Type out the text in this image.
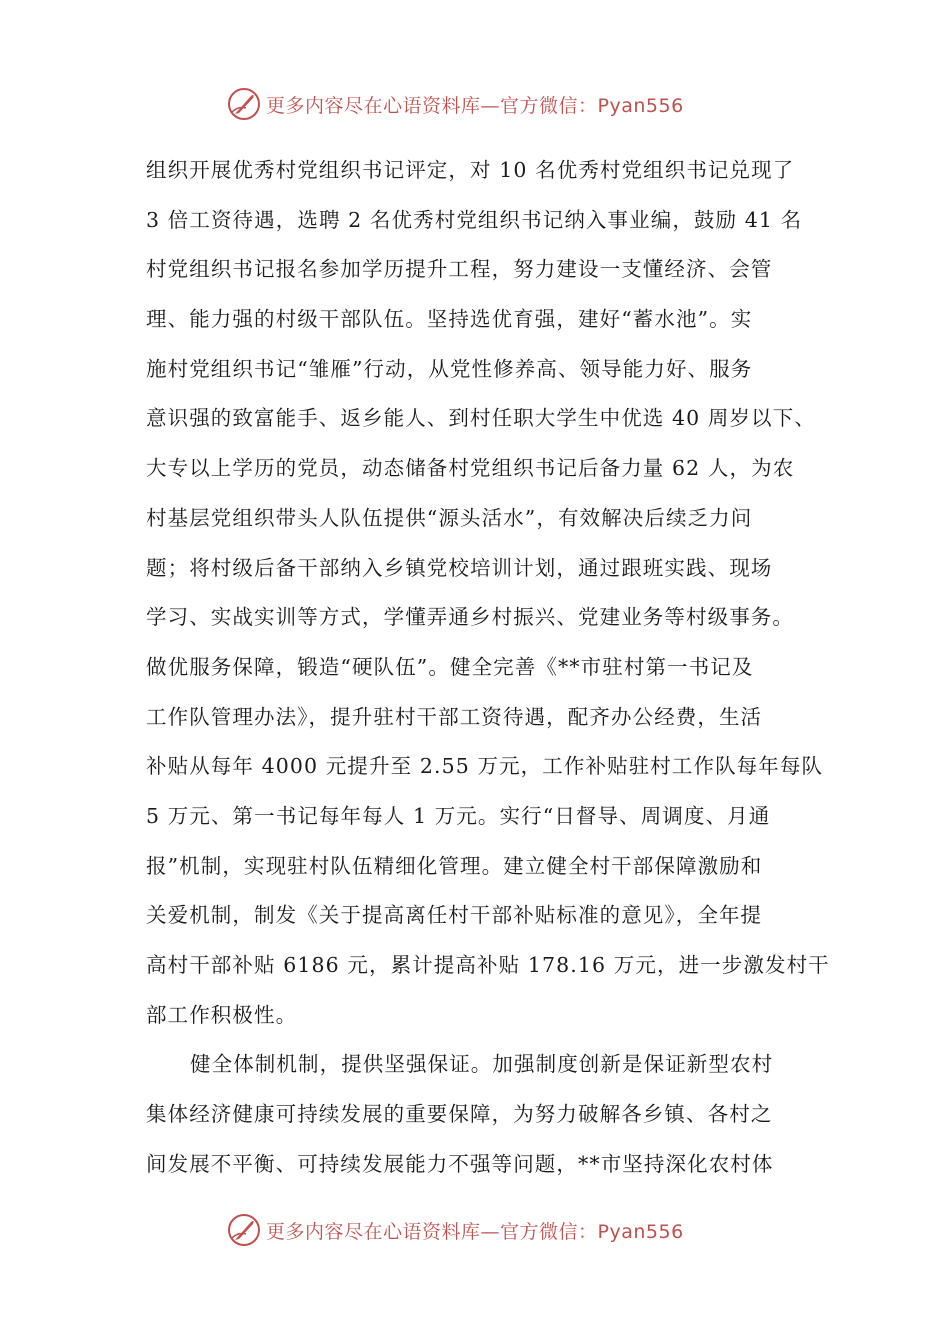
更多内容尽在心语资料库—官方微信：Pyan556
组织开展优秀村党组织书记评定，对 10 名优秀村党组织书记兑现了
3 倍工资待遇，选聘 2 名优秀村党组织书记纳入事业编，鼓励 41 名
村党组织书记报名参加学历提升工程，努力建设一支懂经济、会管
理、能力强的村级干部队伍。坚持选优育强，建好“蓄水池”。实
施村党组织书记“雏雁”行动，从党性修养高、领导能力好、服务
意识强的致富能手、返乡能人、到村任职大学生中优选 40 周岁以下、
大专以上学历的党员，动态储备村党组织书记后备力量 62 人，为农
村基层党组织带头人队伍提供“源头活水”，有效解决后续乏力问
题；将村级后备干部纳入乡镇党校培训计划，通过跟班实践、现场
学习、实战实训等方式，学懂弄通乡村振兴、党建业务等村级事务。
做优服务保障，锻造“硬队伍”。健全完善《**市驻村第一书记及
工作队管理办法》，提升驻村干部工资待遇，配齐办公经费，生活
补贴从每年 4000 元提升至 2.55 万元，工作补贴驻村工作队每年每队
5 万元、第一书记每年每人 1 万元。实行“日督导、周调度、月通
报”机制，实现驻村队伍精细化管理。建立健全村干部保障激励和
关爱机制，制发《关于提高离任村干部补贴标准的意见》，全年提
高村干部补贴 6186 元，累计提高补贴 178.16 万元，进一步激发村干
部工作积极性。
健全体制机制，提供坚强保证。加强制度创新是保证新型农村
集体经济健康可持续发展的重要保障，为努力破解各乡镇、各村之
间发展不平衡、可持续发展能力不强等问题，**市坚持深化农村体
更多内容尽在心语资料库—官方微信：Pyan556
